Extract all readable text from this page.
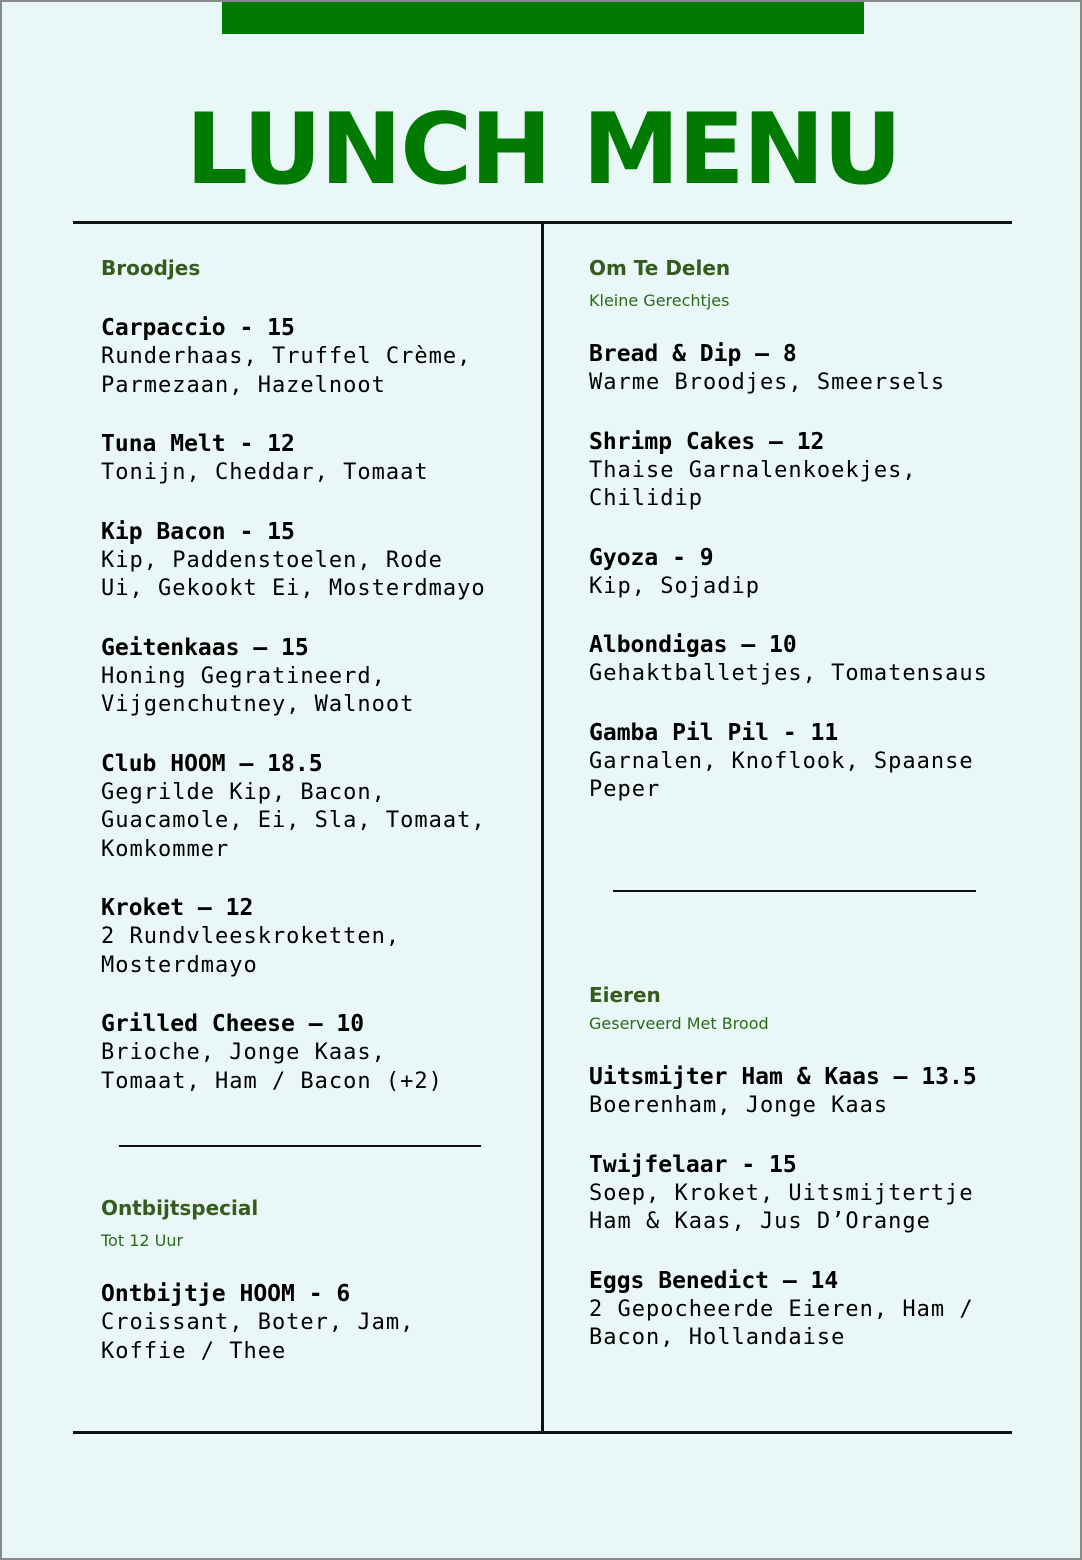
LUNCH MENU
Broodjes
Carpaccio - 15
Runderhaas, Truffel Crème,
Parmezaan, Hazelnoot
Tuna Melt - 12
Tonijn, Cheddar, Tomaat
Kip Bacon - 15
Kip, Paddenstoelen, Rode
Ui, Gekookt Ei, Mosterdmayo
Geitenkaas – 15
Honing Gegratineerd,
Vijgenchutney, Walnoot
Club HOOM – 18.5
Gegrilde Kip, Bacon,
Guacamole, Ei, Sla, Tomaat,
Komkommer
Kroket – 12
2 Rundvleeskroketten,
Mosterdmayo
Grilled Cheese – 10
Brioche, Jonge Kaas,
Tomaat, Ham / Bacon (+2)
Ontbijtspecial
Tot 12 Uur
Ontbijtje HOOM - 6
Croissant, Boter, Jam,
Koffie / Thee
Om Te Delen
Kleine Gerechtjes
Bread & Dip – 8
Warme Broodjes, Smeersels
Shrimp Cakes – 12
Thaise Garnalenkoekjes,
Chilidip
Gyoza - 9
Kip, Sojadip
Albondigas – 10
Gehaktballetjes, Tomatensaus
Gamba Pil Pil - 11
Garnalen, Knoflook, Spaanse
Peper
Eieren
Geserveerd Met Brood
Uitsmijter Ham & Kaas – 13.5
Boerenham, Jonge Kaas
Twijfelaar - 15
Soep, Kroket, Uitsmijtertje
Ham & Kaas, Jus D’Orange
Eggs Benedict – 14
2 Gepocheerde Eieren, Ham /
Bacon, Hollandaise
